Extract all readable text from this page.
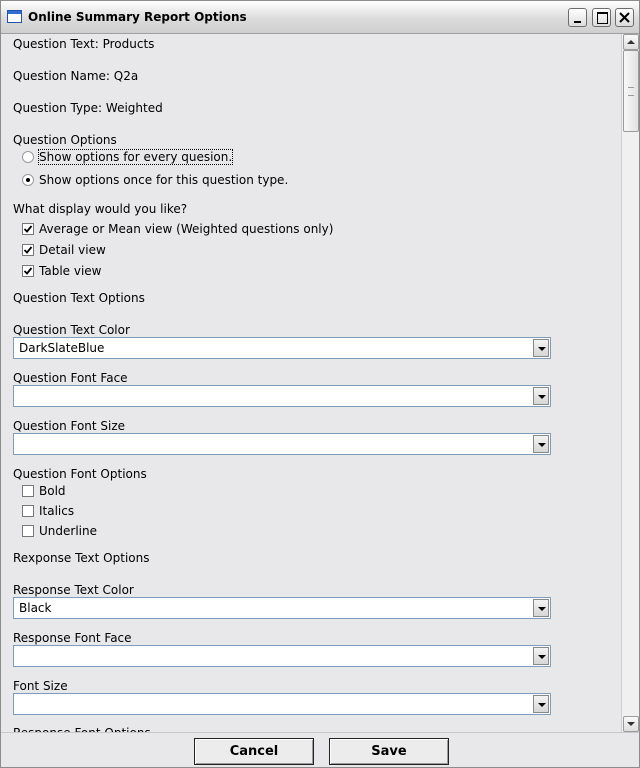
Online Summary Report Options
Question Text: Products
Question Name: Q2a
Question Type: Weighted
Question Options
Show options for every quesion.
Show options once for this question type.
What display would you like?
Average or Mean view (Weighted questions only)
Detail view
Table view
Question Text Options
Question Text Color
DarkSlateBlue
Question Font Face
Question Font Size
Question Font Options
Bold
Italics
Underline
Rexponse Text Options
Response Text Color
Black
Response Font Face
Font Size
Cancel	Save
